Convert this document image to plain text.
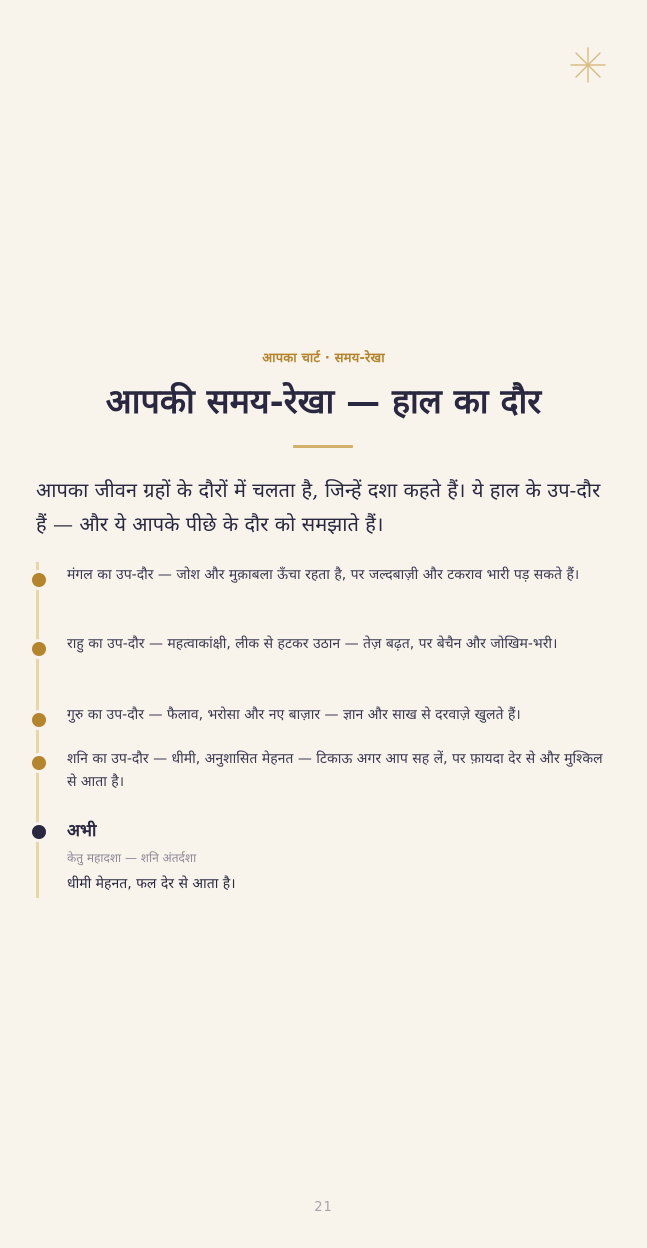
आपका चार्ट · समय-रेखा
आपकी समय-रेखा — हाल का दौर

आपका जीवन ग्रहों के दौरों में चलता है, जिन्हें दशा कहते हैं। ये हाल के उप-दौर हैं — और ये आपके पीछे के दौर को समझाते हैं।

मंगल का उप-दौर — जोश और मुक़ाबला ऊँचा रहता है, पर जल्दबाज़ी और टकराव भारी पड़ सकते हैं।
राहु का उप-दौर — महत्वाकांक्षी, लीक से हटकर उठान — तेज़ बढ़त, पर बेचैन और जोखिम-भरी।
गुरु का उप-दौर — फैलाव, भरोसा और नए बाज़ार — ज्ञान और साख से दरवाज़े खुलते हैं।
शनि का उप-दौर — धीमी, अनुशासित मेहनत — टिकाऊ अगर आप सह लें, पर फ़ायदा देर से और मुश्किल से आता है।
अभी
केतु महादशा — शनि अंतर्दशा
धीमी मेहनत, फल देर से आता है।
21
